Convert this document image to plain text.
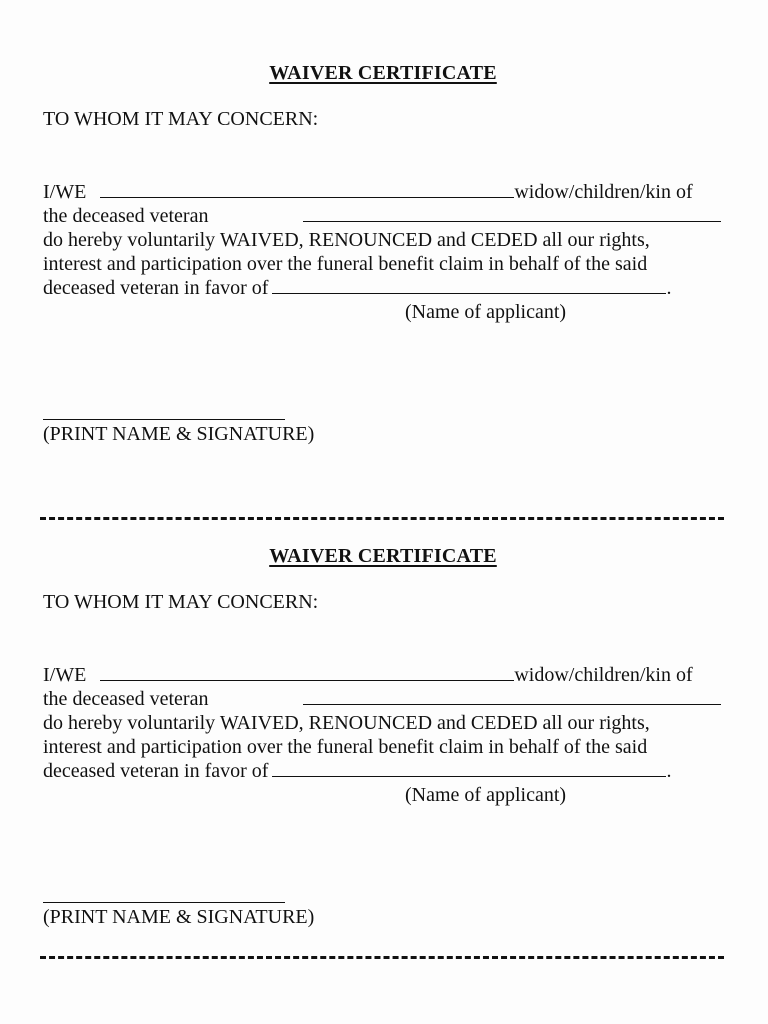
WAIVER CERTIFICATE
TO WHOM IT MAY CONCERN:
I/WE	widow/children/kin of
the deceased veteran
do hereby voluntarily WAIVED, RENOUNCED and CEDED all our rights,
interest and participation over the funeral benefit claim in behalf of the said
deceased veteran in favor of	.
(Name of applicant)
(PRINT NAME & SIGNATURE)
WAIVER CERTIFICATE
TO WHOM IT MAY CONCERN:
I/WE	widow/children/kin of
the deceased veteran
do hereby voluntarily WAIVED, RENOUNCED and CEDED all our rights,
interest and participation over the funeral benefit claim in behalf of the said
deceased veteran in favor of	.
(Name of applicant)
(PRINT NAME & SIGNATURE)
